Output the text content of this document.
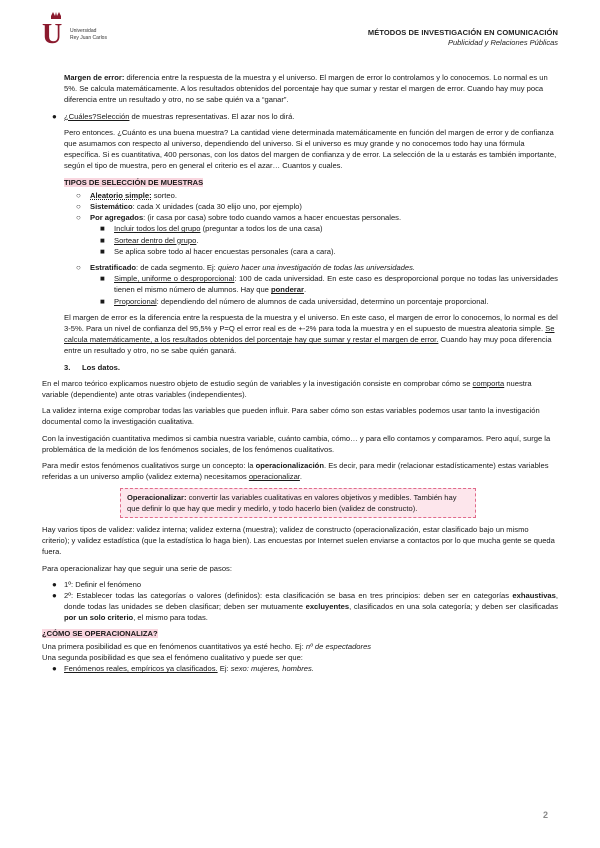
U Universidad
Rey Juan Carlos
MÉTODOS DE INVESTIGACIÓN EN COMUNICACIÓN
Publicidad y Relaciones Públicas

Margen de error: diferencia entre la respuesta de la muestra y el universo. El margen de error lo controlamos y lo conocemos. Lo normal es un 5%. Se calcula matemáticamente. A los resultados obtenidos del porcentaje hay que sumar y restar el margen de error. Cuando hay muy poca diferencia entre un resultado y otro, no se sabe quién va a “ganar”.

● ¿Cuáles?Selección de muestras representativas. El azar nos lo dirá.

Pero entonces. ¿Cuánto es una buena muestra? La cantidad viene determinada matemáticamente en función del margen de error y de confianza que asumamos con respecto al universo, dependiendo del universo. Si el universo es muy grande y no conocemos todo hay una fórmula específica. Si es cuantitativa, 400 personas, con los datos del margen de confianza y de error. La selección de la u estarás es también importante, según el tipo de muestra, pero en general el criterio es el azar… Cuantos y cuales.

TIPOS DE SELECCIÓN DE MUESTRAS

○ Aleatorio simple: sorteo.
○ Sistemático: cada X unidades (cada 30 elijo uno, por ejemplo)
○ Por agregados: (ir casa por casa) sobre todo cuando vamos a hacer encuestas personales.
■ Incluir todos los del grupo (preguntar a todos los de una casa)
■ Sortear dentro del grupo.
■ Se aplica sobre todo al hacer encuestas personales (cara a cara).
○ Estratificado: de cada segmento. Ej: quiero hacer una investigación de todas las universidades.
■ Simple, uniforme o desproporcional: 100 de cada universidad. En este caso es desproporcional porque no todas las universidades tienen el mismo número de alumnos. Hay que ponderar.
■ Proporcional: dependiendo del número de alumnos de cada universidad, determino un porcentaje proporcional.

El margen de error es la diferencia entre la respuesta de la muestra y el universo. En este caso, el margen de error lo conocemos, lo normal es del 3-5%. Para un nivel de confianza del 95,5% y P=Q el error real es de +-2% para toda la muestra y en el supuesto de muestra aleatoria simple. Se calcula matemáticamente, a los resultados obtenidos del porcentaje hay que sumar y restar el margen de error. Cuando hay muy poca diferencia entre un resultado y otro, no se sabe quién ganará.

3. Los datos.

En el marco teórico explicamos nuestro objeto de estudio según de variables y la investigación consiste en comprobar cómo se comporta nuestra variable (dependiente) ante otras variables (independientes).

La validez interna exige comprobar todas las variables que pueden influir. Para saber cómo son estas variables podemos usar tanto la investigación documental como la investigación cualitativa.

Con la investigación cuantitativa medimos si cambia nuestra variable, cuánto cambia, cómo… y para ello contamos y comparamos. Pero aquí, surge la problemática de la medición de los fenómenos sociales, de los fenómenos cualitativos.

Para medir estos fenómenos cualitativos surge un concepto: la operacionalización. Es decir, para medir (relacionar estadísticamente) estas variables referidas a un universo amplio (validez externa) necesitamos operacionalizar.

Operacionalizar: convertir las variables cualitativas en valores objetivos y medibles. También hay que definir lo que hay que medir y medirlo, y todo hacerlo bien (validez de constructo).

Hay varios tipos de validez: validez interna; validez externa (muestra); validez de constructo (operacionalización, estar clasificado bajo un mismo criterio); y validez estadística (que la estadística lo haga bien). Las encuestas por Internet suelen enviarse a contactos por lo que mucha gente se queda fuera.

Para operacionalizar hay que seguir una serie de pasos:

● 1º: Definir el fenómeno
● 2º: Establecer todas las categorías o valores (definidos): esta clasificación se basa en tres principios: deben ser en categorías exhaustivas, donde todas las unidades se deben clasificar; deben ser mutuamente excluyentes, clasificados en una sola categoría; y deben ser clasificadas por un solo criterio, el mismo para todas.

¿CÓMO SE OPERACIONALIZA?

Una primera posibilidad es que en fenómenos cuantitativos ya esté hecho. Ej: nº de espectadores
Una segunda posibilidad es que sea el fenómeno cualitativo y puede ser que:
● Fenómenos reales, empíricos ya clasificados. Ej: sexo: mujeres, hombres.
2
